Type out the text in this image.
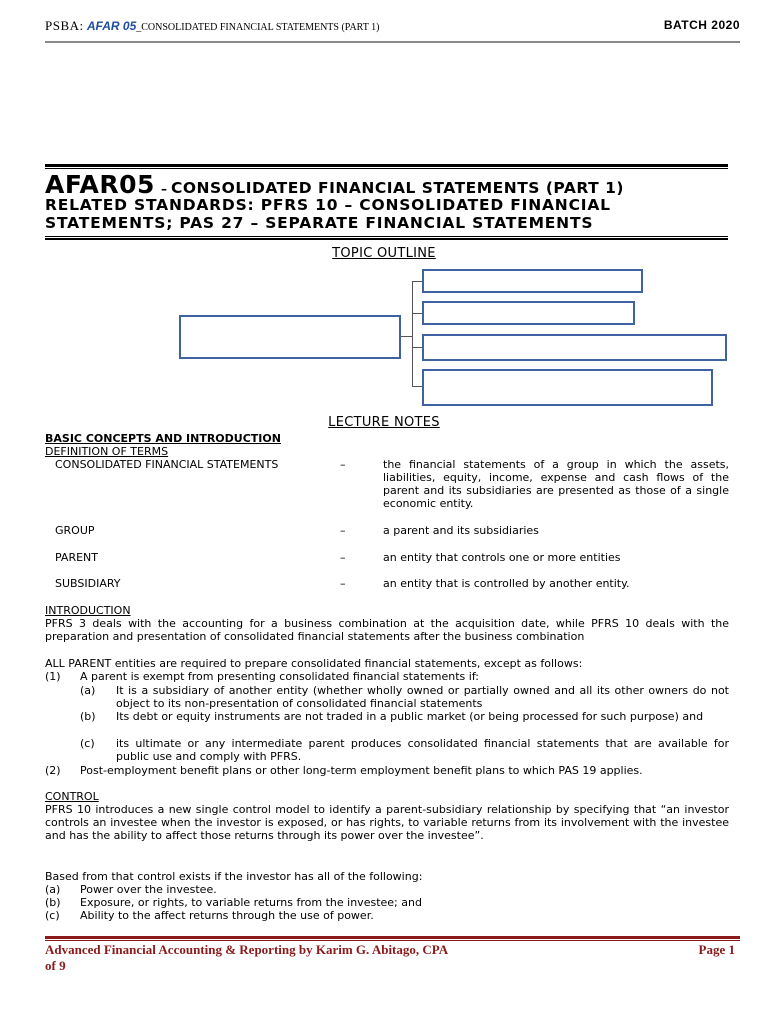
PSBA: AFAR 05_CONSOLIDATED FINANCIAL STATEMENTS (PART 1)	BATCH 2020
AFAR05 – CONSOLIDATED FINANCIAL STATEMENTS (PART 1)
RELATED STANDARDS: PFRS 10 – CONSOLIDATED FINANCIAL
STATEMENTS; PAS 27 – SEPARATE FINANCIAL STATEMENTS
TOPIC OUTLINE
LECTURE NOTES
BASIC CONCEPTS AND INTRODUCTION
DEFINITION OF TERMS
CONSOLIDATED FINANCIAL STATEMENTS	–	the financial statements of a group in which the assets, liabilities, equity, income, expense and cash flows of the parent and its subsidiaries are presented as those of a single economic entity.
GROUP	–	a parent and its subsidiaries
PARENT	–	an entity that controls one or more entities
SUBSIDIARY	–	an entity that is controlled by another entity.
INTRODUCTION
PFRS 3 deals with the accounting for a business combination at the acquisition date, while PFRS 10 deals with the preparation and presentation of consolidated financial statements after the business combination
ALL PARENT entities are required to prepare consolidated financial statements, except as follows:
(1) A parent is exempt from presenting consolidated financial statements if:
(a) It is a subsidiary of another entity (whether wholly owned or partially owned and all its other owners do not object to its non-presentation of consolidated financial statements
(b) Its debt or equity instruments are not traded in a public market (or being processed for such purpose) and
(c) its ultimate or any intermediate parent produces consolidated financial statements that are available for public use and comply with PFRS.
(2) Post-employment benefit plans or other long-term employment benefit plans to which PAS 19 applies.
CONTROL
PFRS 10 introduces a new single control model to identify a parent-subsidiary relationship by specifying that “an investor controls an investee when the investor is exposed, or has rights, to variable returns from its involvement with the investee and has the ability to affect those returns through its power over the investee”.
Based from that control exists if the investor has all of the following:
(a) Power over the investee.
(b) Exposure, or rights, to variable returns from the investee; and
(c) Ability to the affect returns through the use of power.
Advanced Financial Accounting & Reporting by Karim G. Abitago, CPA	Page 1
of 9
